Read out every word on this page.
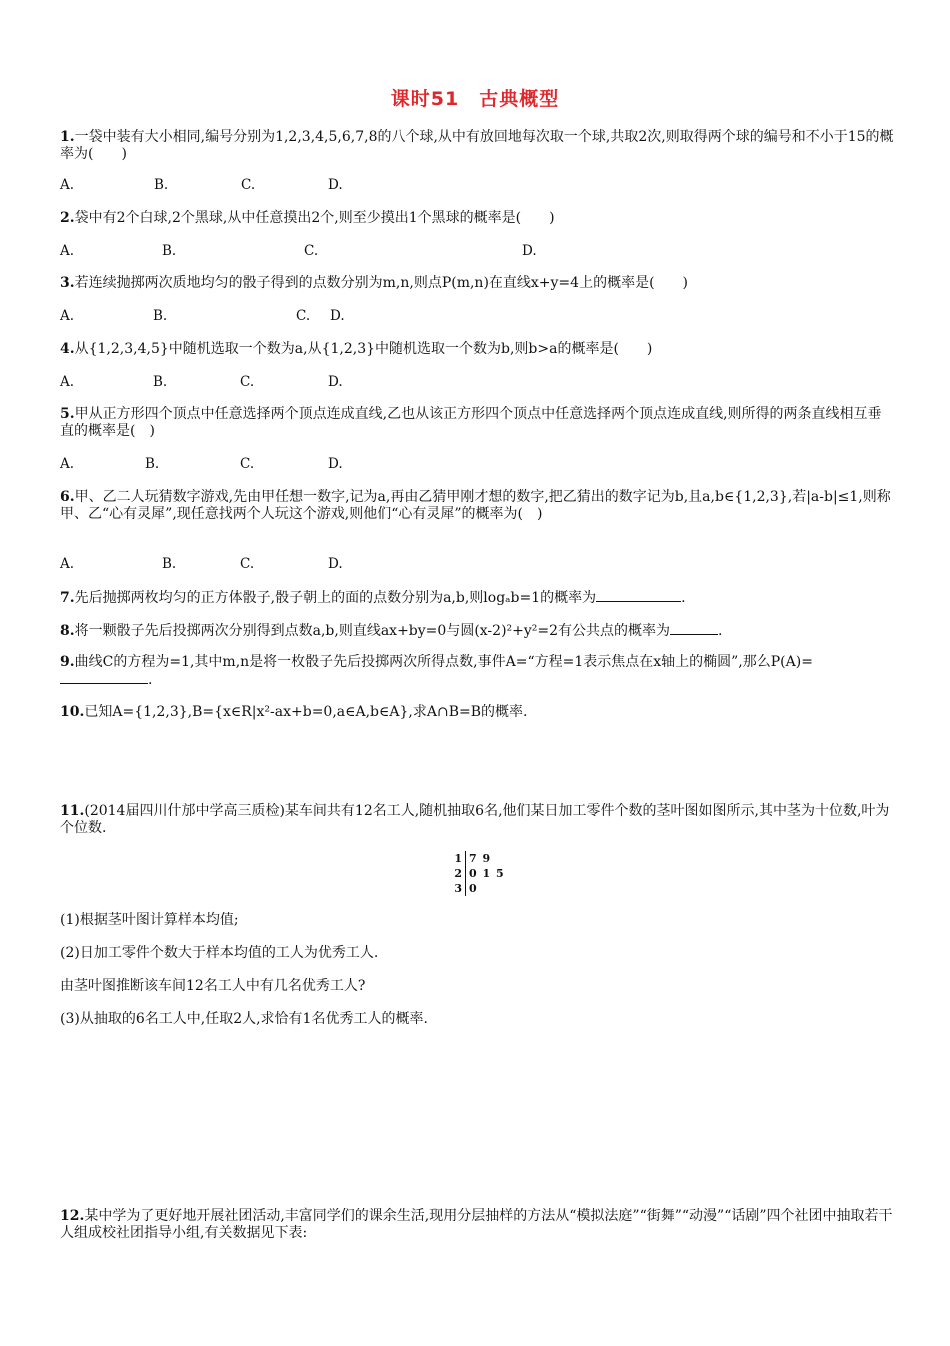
课时51　古典概型
1.一袋中装有大小相同,编号分别为1,2,3,4,5,6,7,8的八个球,从中有放回地每次取一个球,共取2次,则取得两个球的编号和不小于15的概率为(　　)
A.	B.	C.	D.
2.袋中有2个白球,2个黑球,从中任意摸出2个,则至少摸出1个黑球的概率是(　　)
A.	B.	C.	D.
3.若连续抛掷两次质地均匀的骰子得到的点数分别为m,n,则点P(m,n)在直线x+y=4上的概率是(　　)
A.	B.	C. D.
4.从{1,2,3,4,5}中随机选取一个数为a,从{1,2,3}中随机选取一个数为b,则b>a的概率是(　　)
A.	B.	C.	D.
5.甲从正方形四个顶点中任意选择两个顶点连成直线,乙也从该正方形四个顶点中任意选择两个顶点连成直线,则所得的两条直线相互垂直的概率是(　)
A.	B.	C.	D.
6.甲、乙二人玩猜数字游戏,先由甲任想一数字,记为a,再由乙猜甲刚才想的数字,把乙猜出的数字记为b,且a,b∈{1,2,3},若|a-b|≤1,则称甲、乙“心有灵犀”,现任意找两个人玩这个游戏,则他们“心有灵犀”的概率为(　)
A.	B.	C.	D.
7.先后抛掷两枚均匀的正方体骰子,骰子朝上的面的点数分别为a,b,则logₐb=1的概率为	.
8.将一颗骰子先后投掷两次分别得到点数a,b,则直线ax+by=0与圆(x-2)²+y²=2有公共点的概率为	.
9.曲线C的方程为=1,其中m,n是将一枚骰子先后投掷两次所得点数,事件A=“方程=1表示焦点在x轴上的椭圆”,那么P(A)=.
10.已知A={1,2,3},B={x∈R|x²-ax+b=0,a∈A,b∈A},求A∩B=B的概率.
11.(2014届四川什邡中学高三质检)某车间共有12名工人,随机抽取6名,他们某日加工零件个数的茎叶图如图所示,其中茎为十位数,叶为个位数.
1 7 9
2 0 1 5
3 0
(1)根据茎叶图计算样本均值;
(2)日加工零件个数大于样本均值的工人为优秀工人.
由茎叶图推断该车间12名工人中有几名优秀工人?
(3)从抽取的6名工人中,任取2人,求恰有1名优秀工人的概率.
12.某中学为了更好地开展社团活动,丰富同学们的课余生活,现用分层抽样的方法从“模拟法庭”“街舞”“动漫”“话剧”四个社团中抽取若干人组成校社团指导小组,有关数据见下表:
